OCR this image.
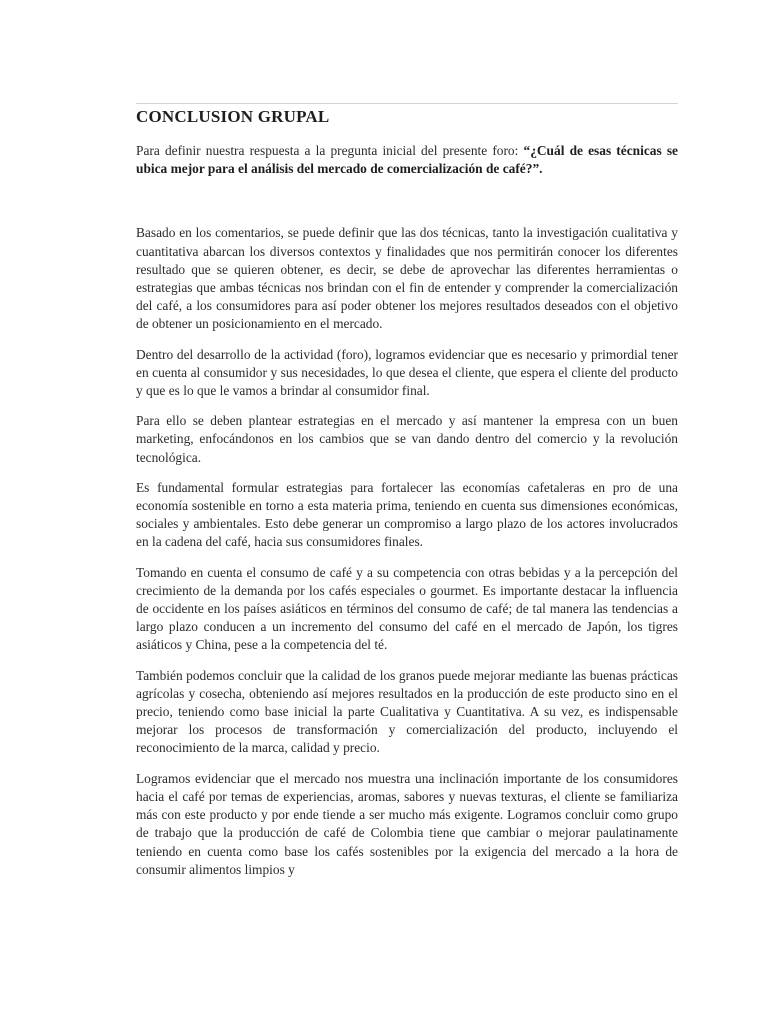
CONCLUSION GRUPAL

Para definir nuestra respuesta a la pregunta inicial del presente foro: “¿Cuál de esas técnicas se ubica mejor para el análisis del mercado de comercialización de café?”.

Basado en los comentarios, se puede definir que las dos técnicas, tanto la investigación cualitativa y cuantitativa abarcan los diversos contextos y finalidades que nos permitirán conocer los diferentes resultado que se quieren obtener, es decir, se debe de aprovechar las diferentes herramientas o estrategias que ambas técnicas nos brindan con el fin de entender y comprender la comercialización del café, a los consumidores para así poder obtener los mejores resultados deseados con el objetivo de obtener un posicionamiento en el mercado.

Dentro del desarrollo de la actividad (foro), logramos evidenciar que es necesario y primordial tener en cuenta al consumidor y sus necesidades, lo que desea el cliente, que espera el cliente del producto y que es lo que le vamos a brindar al consumidor final.

Para ello se deben plantear estrategias en el mercado y así mantener la empresa con un buen marketing, enfocándonos en los cambios que se van dando dentro del comercio y la revolución tecnológica.

Es fundamental formular estrategias para fortalecer las economías cafetaleras en pro de una economía sostenible en torno a esta materia prima, teniendo en cuenta sus dimensiones económicas, sociales y ambientales. Esto debe generar un compromiso a largo plazo de los actores involucrados en la cadena del café, hacia sus consumidores finales.

Tomando en cuenta el consumo de café y a su competencia con otras bebidas y a la percepción del crecimiento de la demanda por los cafés especiales o gourmet. Es importante destacar la influencia de occidente en los países asiáticos en términos del consumo de café; de tal manera las tendencias a largo plazo conducen a un incremento del consumo del café en el mercado de Japón, los tigres asiáticos y China, pese a la competencia del té.

También podemos concluir que la calidad de los granos puede mejorar mediante las buenas prácticas agrícolas y cosecha, obteniendo así mejores resultados en la producción de este producto sino en el precio, teniendo como base inicial la parte Cualitativa y Cuantitativa. A su vez, es indispensable mejorar los procesos de transformación y comercialización del producto, incluyendo el reconocimiento de la marca, calidad y precio.

Logramos evidenciar que el mercado nos muestra una inclinación importante de los consumidores hacia el café por temas de experiencias, aromas, sabores y nuevas texturas, el cliente se familiariza más con este producto y por ende tiende a ser mucho más exigente. Logramos concluir como grupo de trabajo que la producción de café de Colombia tiene que cambiar o mejorar paulatinamente teniendo en cuenta como base los cafés sostenibles por la exigencia del mercado a la hora de consumir alimentos limpios y
